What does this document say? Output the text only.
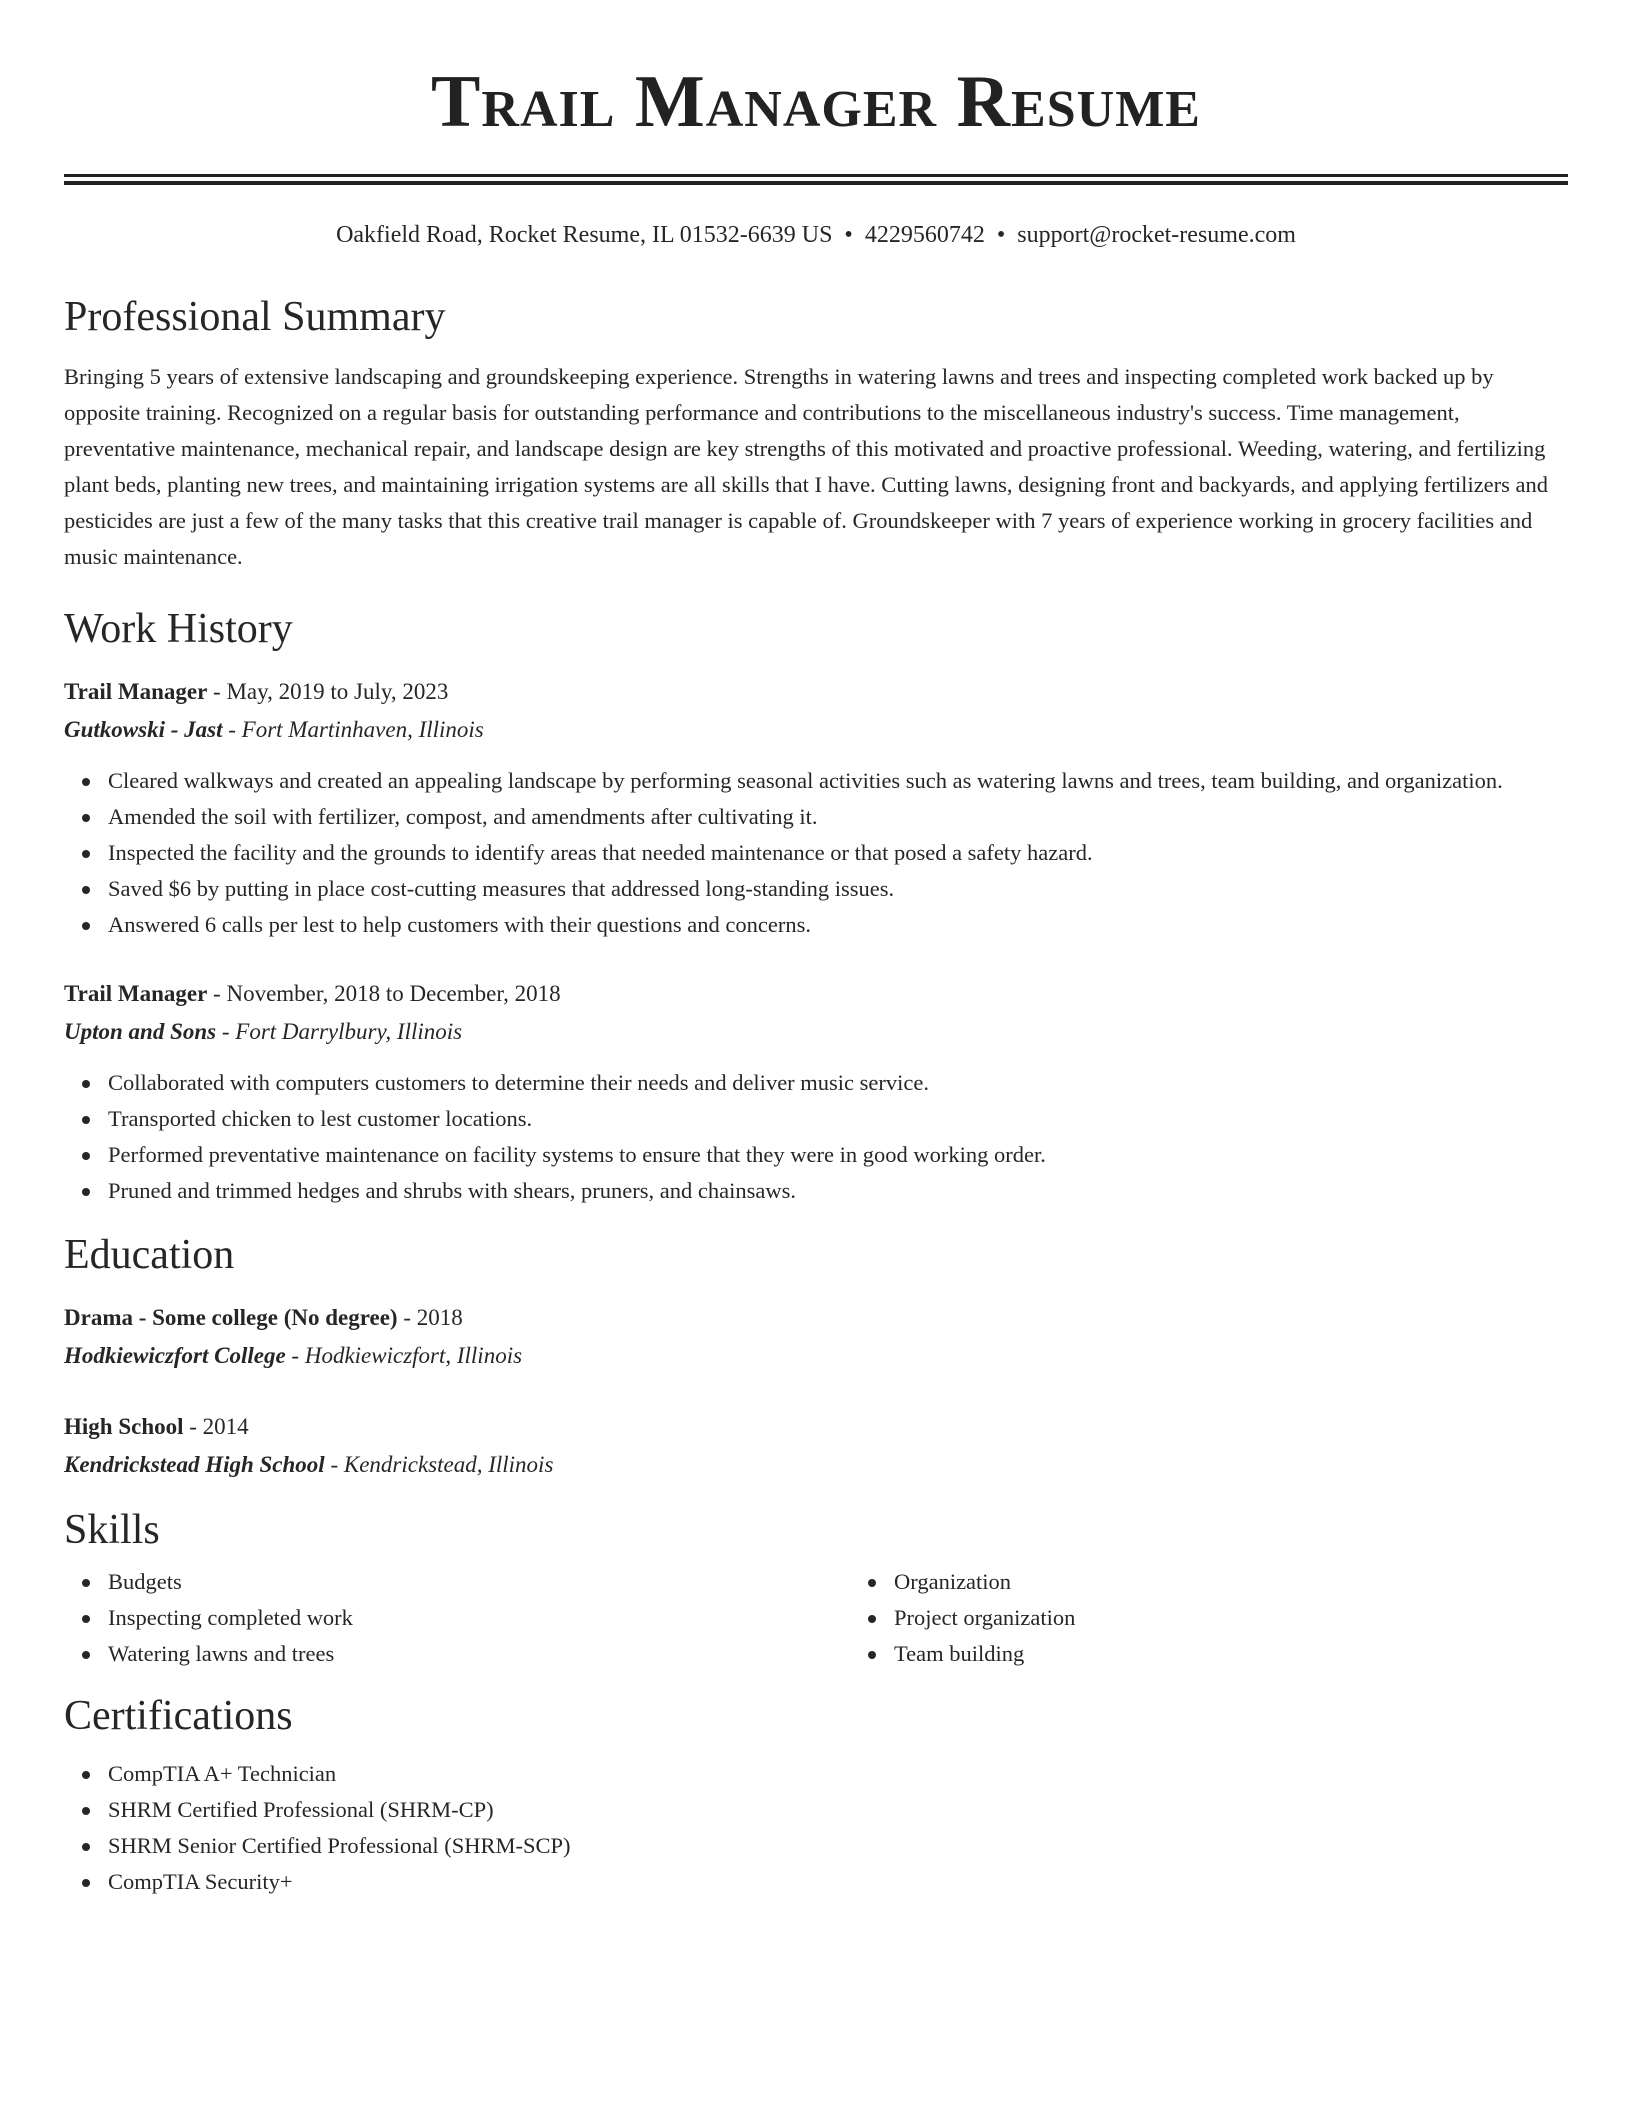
Trail Manager Resume
Oakfield Road, Rocket Resume, IL 01532-6639 US • 4229560742 • support@rocket-resume.com
Professional Summary

Bringing 5 years of extensive landscaping and groundskeeping experience. Strengths in watering lawns and trees and inspecting completed work backed up by opposite training. Recognized on a regular basis for outstanding performance and contributions to the miscellaneous industry's success. Time management, preventative maintenance, mechanical repair, and landscape design are key strengths of this motivated and proactive professional. Weeding, watering, and fertilizing plant beds, planting new trees, and maintaining irrigation systems are all skills that I have. Cutting lawns, designing front and backyards, and applying fertilizers and pesticides are just a few of the many tasks that this creative trail manager is capable of. Groundskeeper with 7 years of experience working in grocery facilities and music maintenance.

Work History
Trail Manager - May, 2019 to July, 2023
Gutkowski - Jast - Fort Martinhaven, Illinois
Cleared walkways and created an appealing landscape by performing seasonal activities such as watering lawns and trees, team building, and organization.
Amended the soil with fertilizer, compost, and amendments after cultivating it.
Inspected the facility and the grounds to identify areas that needed maintenance or that posed a safety hazard.
Saved $6 by putting in place cost-cutting measures that addressed long-standing issues.
Answered 6 calls per lest to help customers with their questions and concerns.
Trail Manager - November, 2018 to December, 2018
Upton and Sons - Fort Darrylbury, Illinois
Collaborated with computers customers to determine their needs and deliver music service.
Transported chicken to lest customer locations.
Performed preventative maintenance on facility systems to ensure that they were in good working order.
Pruned and trimmed hedges and shrubs with shears, pruners, and chainsaws.
Education
Drama - Some college (No degree) - 2018
Hodkiewiczfort College - Hodkiewiczfort, Illinois
High School - 2014
Kendrickstead High School - Kendrickstead, Illinois
Skills
Budgets
Inspecting completed work
Watering lawns and trees
Organization
Project organization
Team building
Certifications
CompTIA A+ Technician
SHRM Certified Professional (SHRM-CP)
SHRM Senior Certified Professional (SHRM-SCP)
CompTIA Security+
